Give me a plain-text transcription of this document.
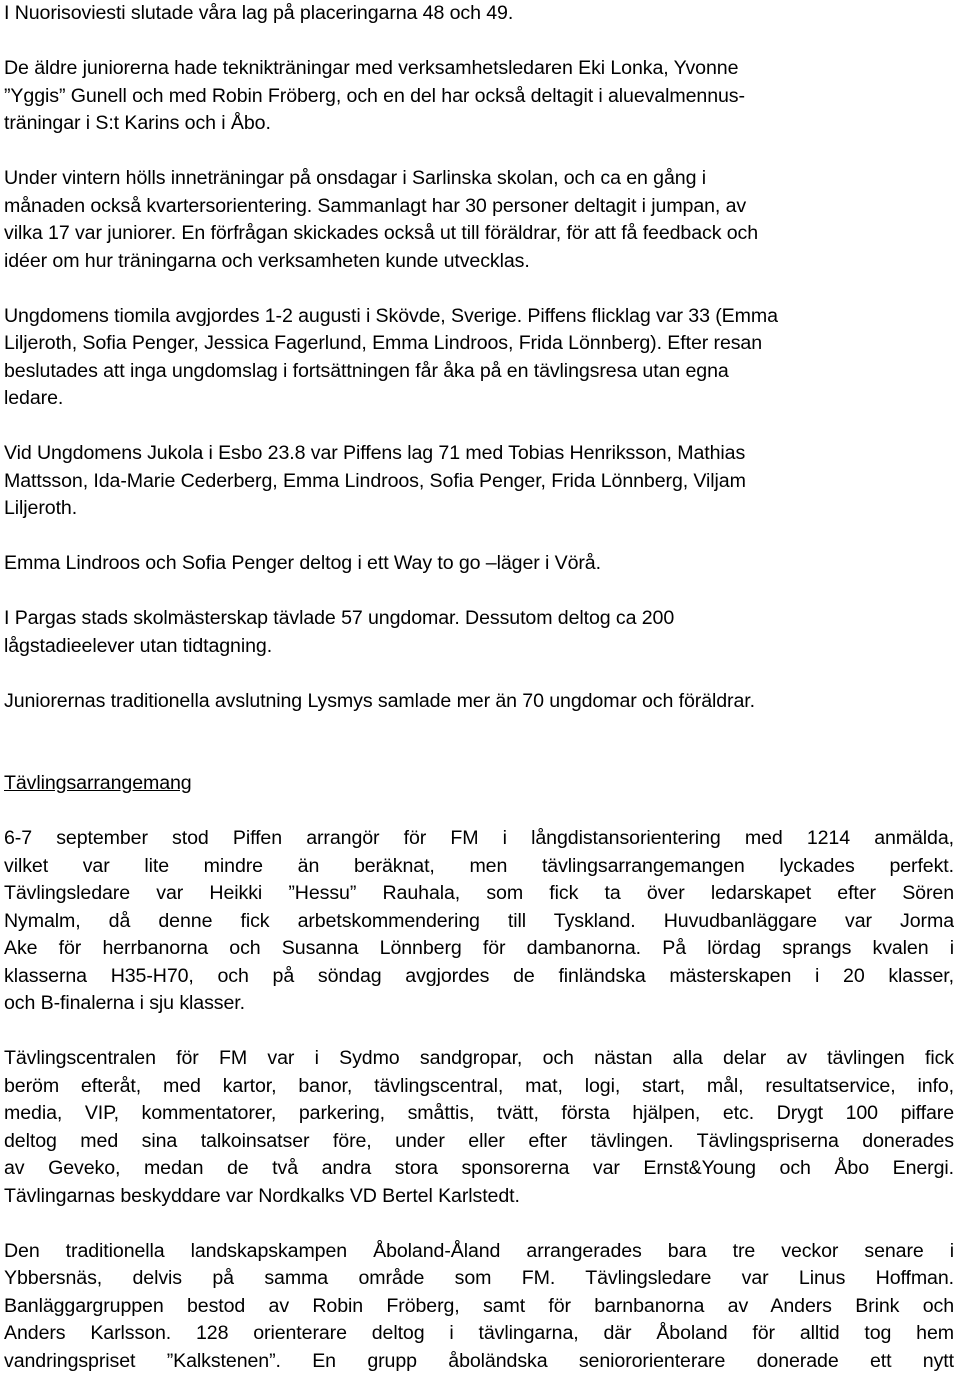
I Nuorisoviesti slutade våra lag på placeringarna 48 och 49.
De äldre juniorerna hade teknikträningar med verksamhetsledaren Eki Lonka, Yvonne
”Yggis” Gunell och med Robin Fröberg, och en del har också deltagit i aluevalmennus-
träningar i S:t Karins och i Åbo.
Under vintern hölls inneträningar på onsdagar i Sarlinska skolan, och ca en gång i
månaden också kvartersorientering. Sammanlagt har 30 personer deltagit i jumpan, av
vilka 17 var juniorer. En förfrågan skickades också ut till föräldrar, för att få feedback och
idéer om hur träningarna och verksamheten kunde utvecklas.
Ungdomens tiomila avgjordes 1-2 augusti i Skövde, Sverige. Piffens flicklag var 33 (Emma
Liljeroth, Sofia Penger, Jessica Fagerlund, Emma Lindroos, Frida Lönnberg). Efter resan
beslutades att inga ungdomslag i fortsättningen får åka på en tävlingsresa utan egna
ledare.
Vid Ungdomens Jukola i Esbo 23.8 var Piffens lag 71 med Tobias Henriksson, Mathias
Mattsson, Ida-Marie Cederberg, Emma Lindroos, Sofia Penger, Frida Lönnberg, Viljam
Liljeroth.
Emma Lindroos och Sofia Penger deltog i ett Way to go –läger i Vörå.
I Pargas stads skolmästerskap tävlade 57 ungdomar. Dessutom deltog ca 200
lågstadieelever utan tidtagning.
Juniorernas traditionella avslutning Lysmys samlade mer än 70 ungdomar och föräldrar.
Tävlingsarrangemang
6-7 september stod Piffen arrangör för FM i långdistansorientering med 1214 anmälda,
vilket var lite mindre än beräknat, men tävlingsarrangemangen lyckades perfekt.
Tävlingsledare var Heikki ”Hessu” Rauhala, som fick ta över ledarskapet efter Sören
Nymalm, då denne fick arbetskommendering till Tyskland. Huvudbanläggare var Jorma
Ake för herrbanorna och Susanna Lönnberg för dambanorna. På lördag sprangs kvalen i
klasserna H35-H70, och på söndag avgjordes de finländska mästerskapen i 20 klasser,
och B-finalerna i sju klasser.
Tävlingscentralen för FM var i Sydmo sandgropar, och nästan alla delar av tävlingen fick
beröm efteråt, med kartor, banor, tävlingscentral, mat, logi, start, mål, resultatservice, info,
media, VIP, kommentatorer, parkering, småttis, tvätt, första hjälpen, etc. Drygt 100 piffare
deltog med sina talkoinsatser före, under eller efter tävlingen. Tävlingspriserna donerades
av Geveko, medan de två andra stora sponsorerna var Ernst&Young och Åbo Energi.
Tävlingarnas beskyddare var Nordkalks VD Bertel Karlstedt.
Den traditionella landskapskampen Åboland-Åland arrangerades bara tre veckor senare i
Ybbersnäs, delvis på samma område som FM. Tävlingsledare var Linus Hoffman.
Banläggargruppen bestod av Robin Fröberg, samt för barnbanorna av Anders Brink och
Anders Karlsson. 128 orienterare deltog i tävlingarna, där Åboland för alltid tog hem
vandringspriset ”Kalkstenen”. En grupp åboländska seniororienterare donerade ett nytt
